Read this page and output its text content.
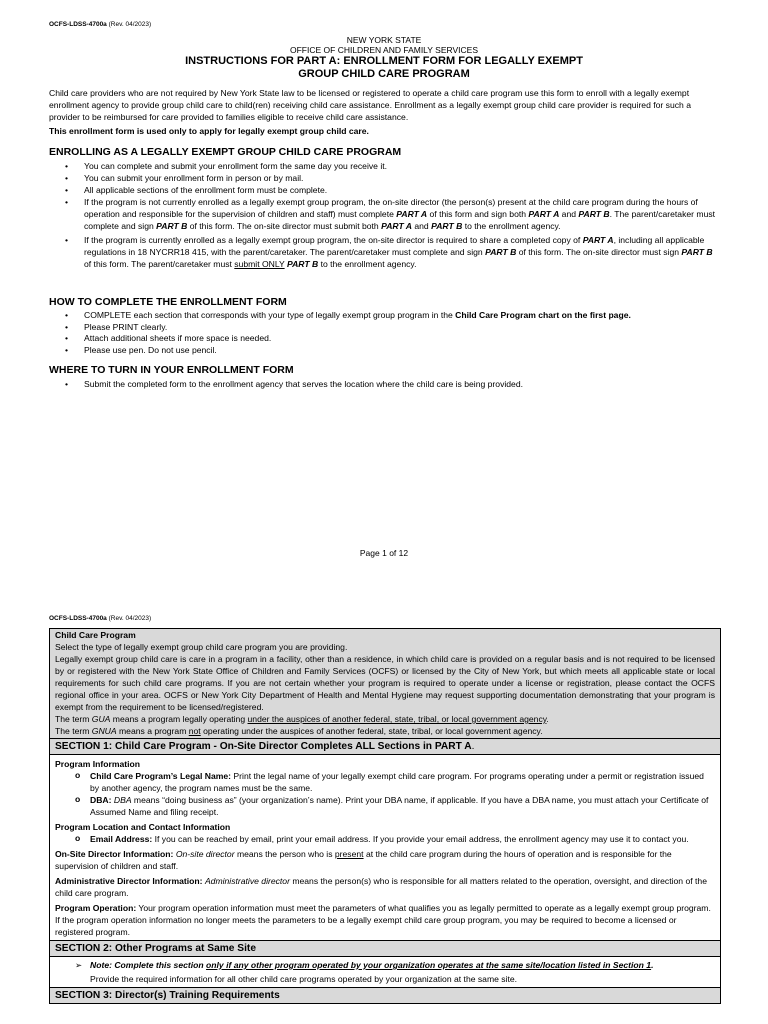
OCFS-LDSS-4700a (Rev. 04/2023)
NEW YORK STATE
OFFICE OF CHILDREN AND FAMILY SERVICES
INSTRUCTIONS FOR PART A: ENROLLMENT FORM FOR LEGALLY EXEMPT
GROUP CHILD CARE PROGRAM

Child care providers who are not required by New York State law to be licensed or registered to operate a child care program use this form to enroll with a legally exempt enrollment agency to provide group child care to child(ren) receiving child care assistance. Enrollment as a legally exempt group child care provider is required for such a provider to be reimbursed for care provided to families eligible to receive child care assistance.

This enrollment form is used only to apply for legally exempt group child care.

ENROLLING AS A LEGALLY EXEMPT GROUP CHILD CARE PROGRAM
• You can complete and submit your enrollment form the same day you receive it.
• You can submit your enrollment form in person or by mail.
• All applicable sections of the enrollment form must be complete.
• If the program is not currently enrolled as a legally exempt group program, the on-site director (the person(s) present at the child care program during the hours of operation and responsible for the supervision of children and staff) must complete PART A of this form and sign both PART A and PART B. The parent/caretaker must complete and sign PART B of this form. The on-site director must submit both PART A and PART B to the enrollment agency.
• If the program is currently enrolled as a legally exempt group program, the on-site director is required to share a completed copy of PART A, including all applicable regulations in 18 NYCRR18 415, with the parent/caretaker. The parent/caretaker must complete and sign PART B of this form. The on-site director must sign PART B of this form. The parent/caretaker must submit ONLY PART B to the enrollment agency.
HOW TO COMPLETE THE ENROLLMENT FORM
• COMPLETE each section that corresponds with your type of legally exempt group program in the Child Care Program chart on the first page.
• Please PRINT clearly.
• Attach additional sheets if more space is needed.
• Please use pen. Do not use pencil.
WHERE TO TURN IN YOUR ENROLLMENT FORM
• Submit the completed form to the enrollment agency that serves the location where the child care is being provided.
Page 1 of 12
OCFS-LDSS-4700a (Rev. 04/2023)
Child Care Program

Select the type of legally exempt group child care program you are providing.

Legally exempt group child care is care in a program in a facility, other than a residence, in which child care is provided on a regular basis and is not required to be licensed by or registered with the New York State Office of Children and Family Services (OCFS) or licensed by the City of New York, but which meets all applicable state or local requirements for such child care programs. If you are not certain whether your program is required to operate under a license or registration, please contact the OCFS regional office in your area. OCFS or New York City Department of Health and Mental Hygiene may request supporting documentation demonstrating that your program is exempt from the requirement to be licensed/registered.

The term GUA means a program legally operating under the auspices of another federal, state, tribal, or local government agency.

The term GNUA means a program not operating under the auspices of another federal, state, tribal, or local government agency.

SECTION 1: Child Care Program - On-Site Director Completes ALL Sections in PART A.
Program Information
o Child Care Program’s Legal Name: Print the legal name of your legally exempt child care program. For programs operating under a permit or registration issued by another agency, the program names must be the same.
o DBA: DBA means “doing business as” (your organization’s name). Print your DBA name, if applicable. If you have a DBA name, you must attach your Certificate of Assumed Name and filing receipt.
Program Location and Contact Information
o Email Address: If you can be reached by email, print your email address. If you provide your email address, the enrollment agency may use it to contact you.

On-Site Director Information: On-site director means the person who is present at the child care program during the hours of operation and is responsible for the supervision of children and staff.

Administrative Director Information: Administrative director means the person(s) who is responsible for all matters related to the operation, oversight, and direction of the child care program.

Program Operation: Your program operation information must meet the parameters of what qualifies you as legally permitted to operate as a legally exempt group program. If the program operation information no longer meets the parameters to be a legally exempt child care group program, you may be required to become a licensed or registered program.

SECTION 2: Other Programs at Same Site
➢ Note: Complete this section only if any other program operated by your organization operates at the same site/location listed in Section 1.

Provide the required information for all other child care programs operated by your organization at the same site.

SECTION 3: Director(s) Training Requirements
